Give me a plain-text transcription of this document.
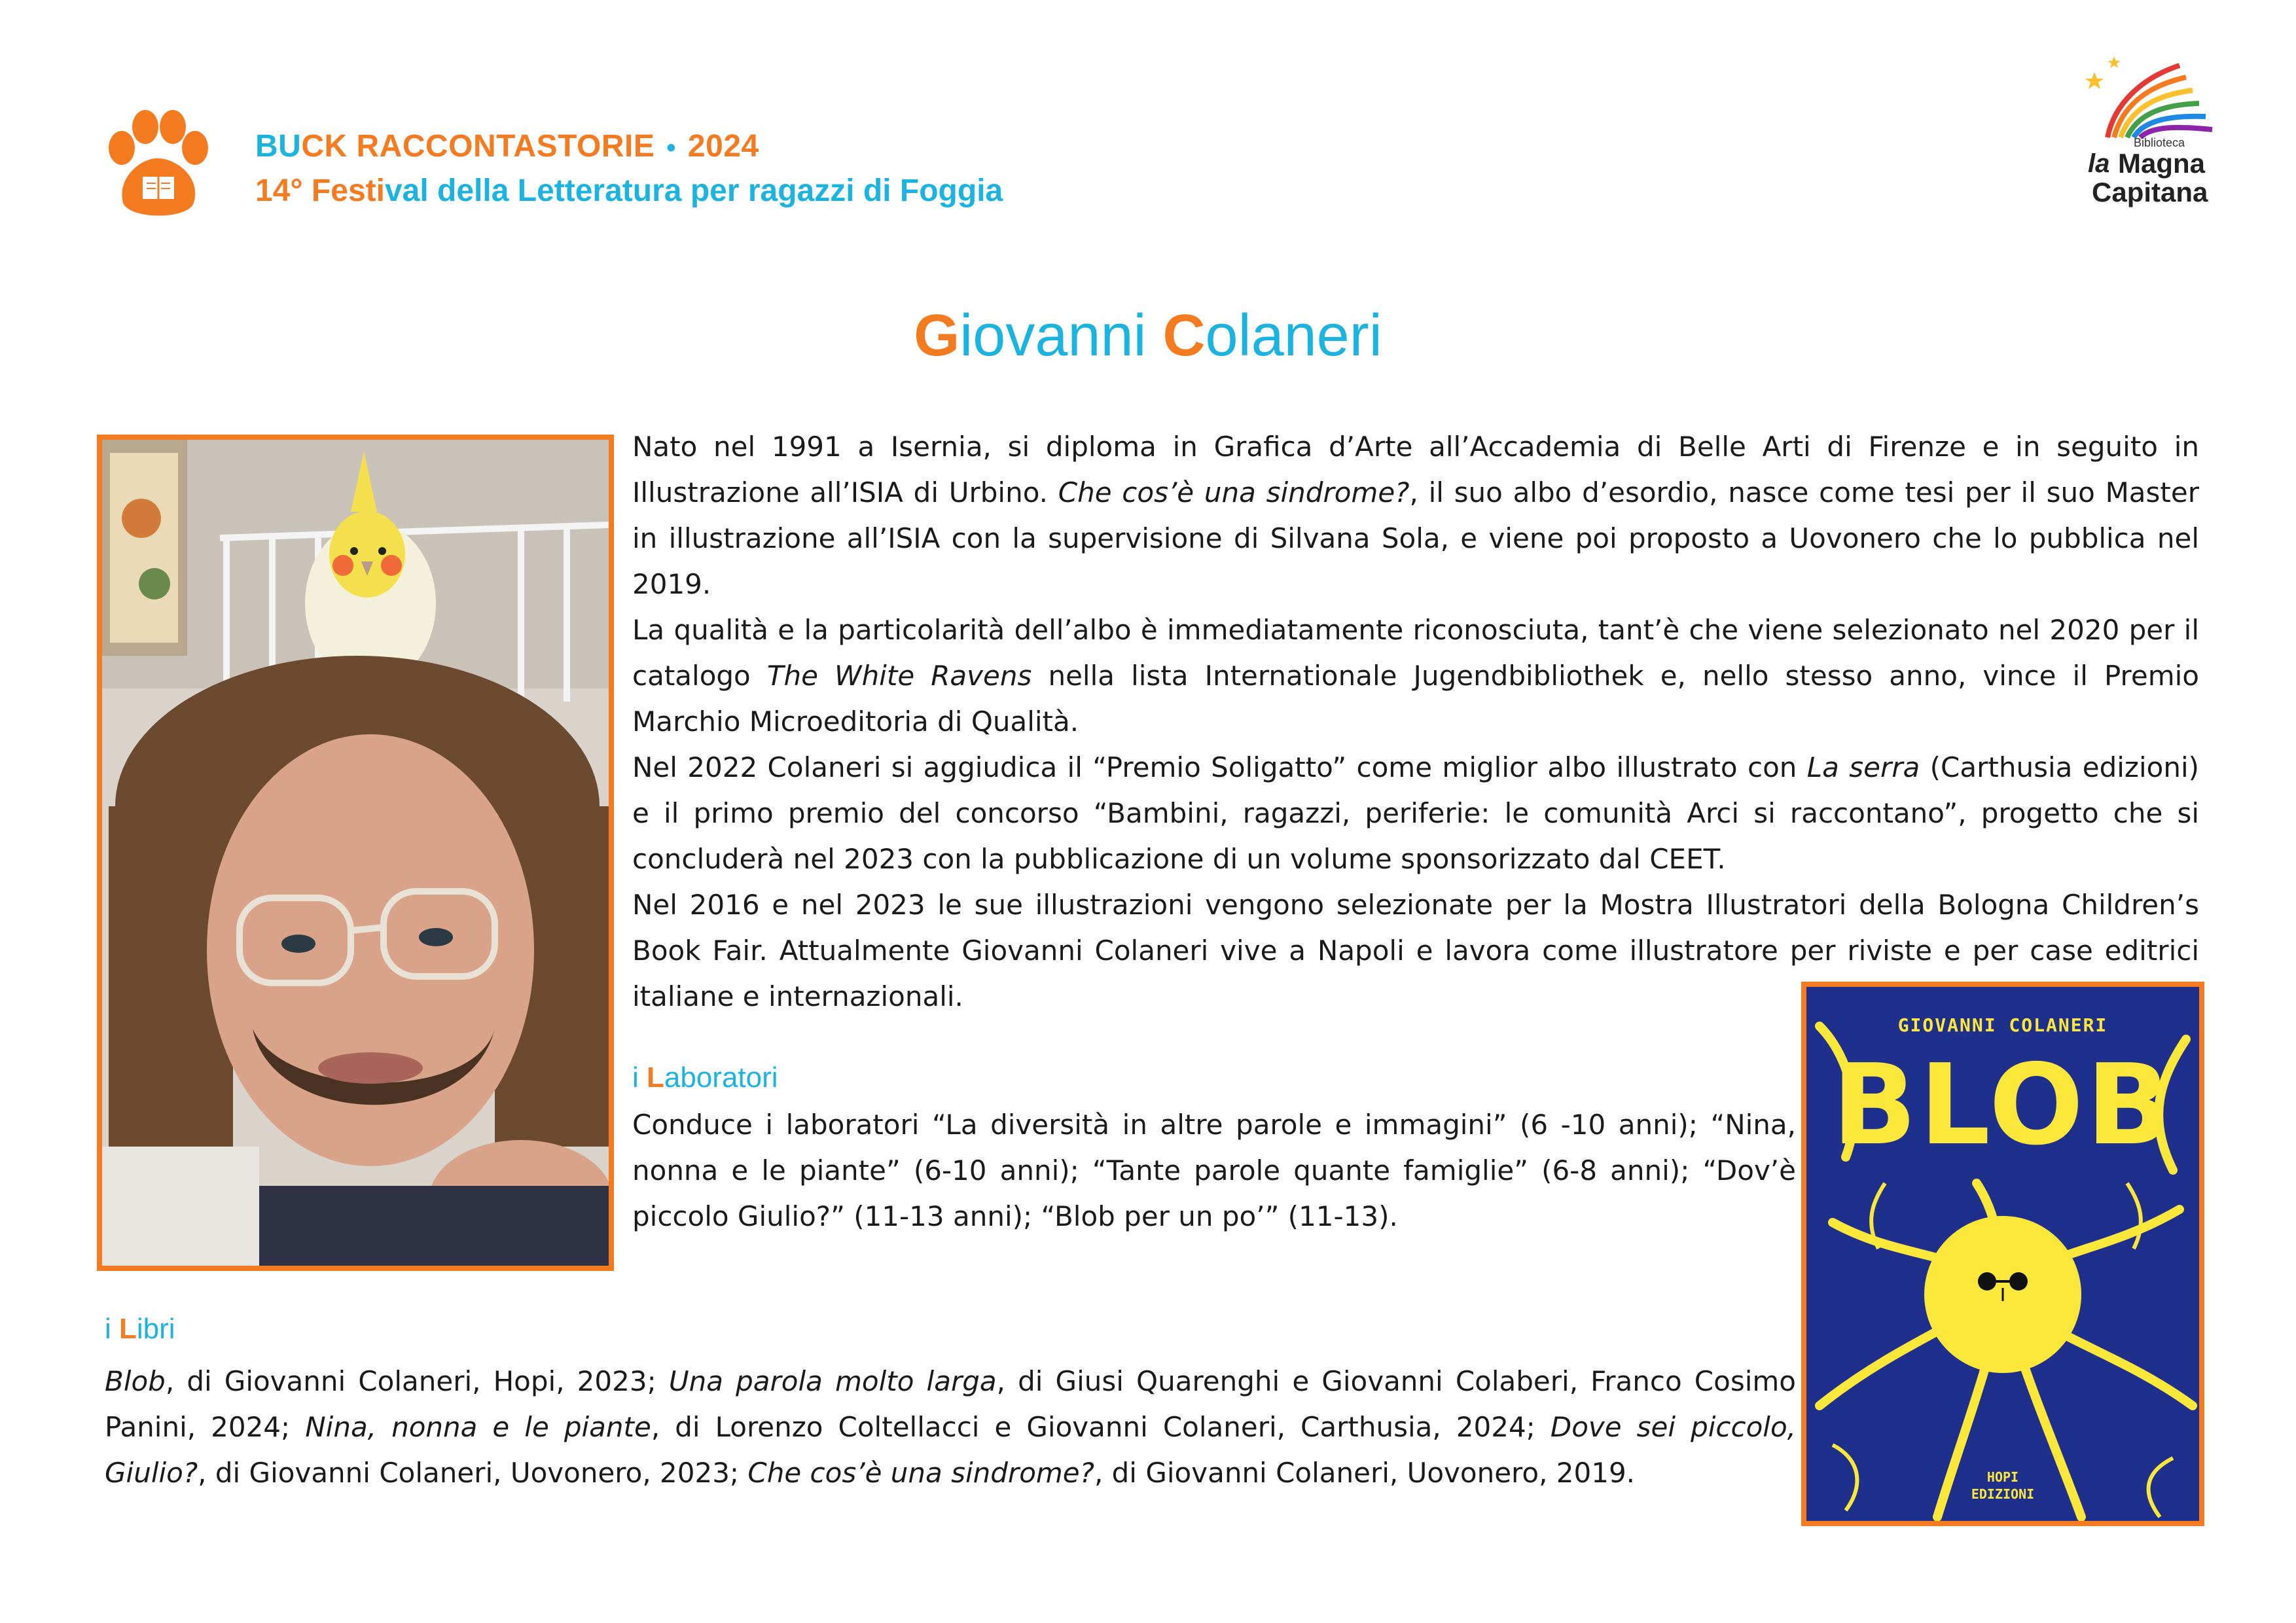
BUCK RACCONTASTORIE • 2024
14° Festival della Letteratura per ragazzi di Foggia
Biblioteca
la Magna
Capitana
Giovanni Colaneri

Nato nel 1991 a Isernia, si diploma in Grafica d’Arte all’Accademia di Belle Arti di Firenze e in seguito in Illustrazione all’ISIA di Urbino. Che cos’è una sindrome?, il suo albo d’esordio, nasce come tesi per il suo Master in illustrazione all’ISIA con la supervisione di Silvana Sola, e viene poi proposto a Uovonero che lo pubblica nel 2019.

La qualità e la particolarità dell’albo è immediatamente riconosciuta, tant’è che viene selezionato nel 2020 per il catalogo The White Ravens nella lista Internationale Jugendbibliothek e, nello stesso anno, vince il Premio Marchio Microeditoria di Qualità.

Nel 2022 Colaneri si aggiudica il “Premio Soligatto” come miglior albo illustrato con La serra (Carthusia edizioni) e il primo premio del concorso “Bambini, ragazzi, periferie: le comunità Arci si raccontano”, progetto che si concluderà nel 2023 con la pubblicazione di un volume sponsorizzato dal CEET.

Nel 2016 e nel 2023 le sue illustrazioni vengono selezionate per la Mostra Illustratori della Bologna Children’s Book Fair. Attualmente Giovanni Colaneri vive a Napoli e lavora come illustratore per riviste e per case editrici italiane e internazionali.

i Laboratori
Conduce i laboratori “La diversità in altre parole e immagini” (6 -10 anni); “Nina, nonna e le piante” (6-10 anni); “Tante parole quante famiglie” (6-8 anni); “Dov’è piccolo Giulio?” (11-13 anni); “Blob per un po’” (11-13).
GIOVANNI COLANERI
BLOB
HOPI
EDIZIONI
i Libri
Blob, di Giovanni Colaneri, Hopi, 2023; Una parola molto larga, di Giusi Quarenghi e Giovanni Colaberi, Franco Cosimo Panini, 2024; Nina, nonna e le piante, di Lorenzo Coltellacci e Giovanni Colaneri, Carthusia, 2024; Dove sei piccolo, Giulio?, di Giovanni Colaneri, Uovonero, 2023; Che cos’è una sindrome?, di Giovanni Colaneri, Uovonero, 2019.
